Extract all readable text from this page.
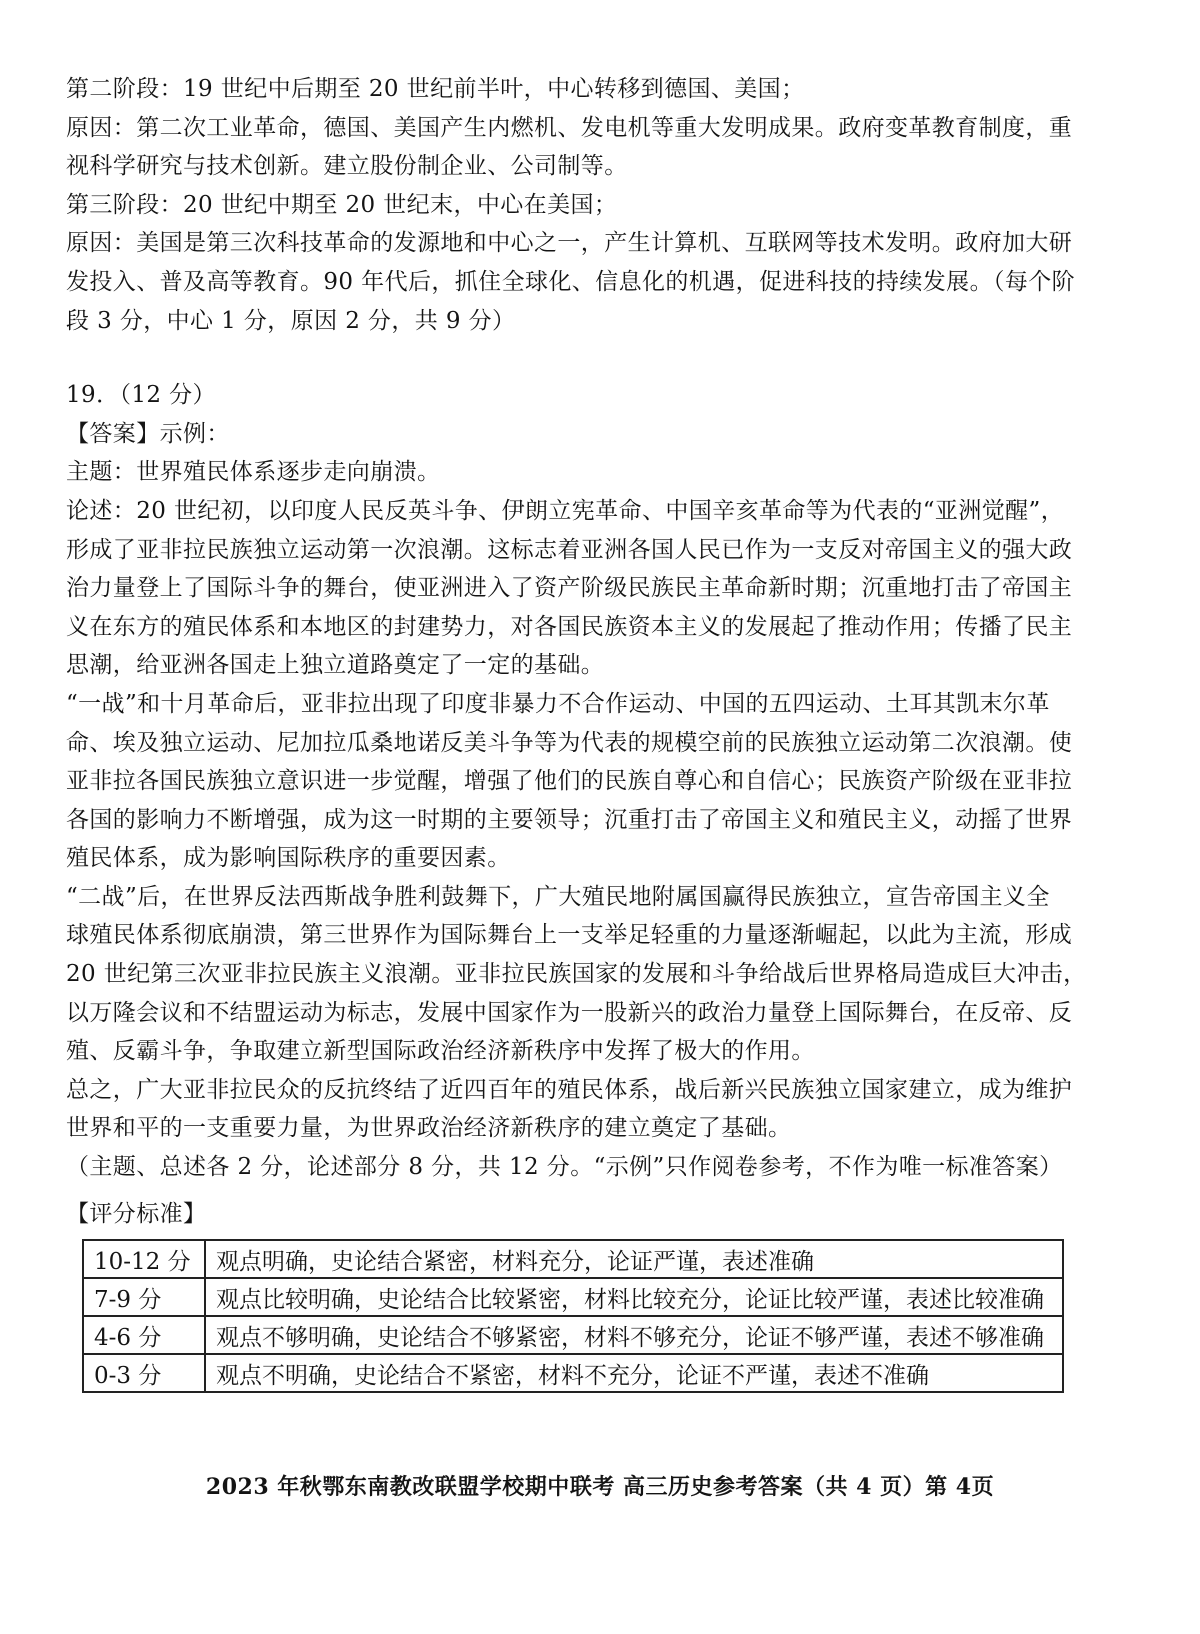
第二阶段：19 世纪中后期至 20 世纪前半叶，中心转移到德国、美国；
原因：第二次工业革命，德国、美国产生内燃机、发电机等重大发明成果。政府变革教育制度，重
视科学研究与技术创新。建立股份制企业、公司制等。
第三阶段：20 世纪中期至 20 世纪末，中心在美国；
原因：美国是第三次科技革命的发源地和中心之一，产生计算机、互联网等技术发明。政府加大研
发投入、普及高等教育。90 年代后，抓住全球化、信息化的机遇，促进科技的持续发展。（每个阶
段 3 分，中心 1 分，原因 2 分，共 9 分）
19．（12 分）
【答案】示例：
主题：世界殖民体系逐步走向崩溃。
论述：20 世纪初，以印度人民反英斗争、伊朗立宪革命、中国辛亥革命等为代表的“亚洲觉醒”，
形成了亚非拉民族独立运动第一次浪潮。这标志着亚洲各国人民已作为一支反对帝国主义的强大政
治力量登上了国际斗争的舞台，使亚洲进入了资产阶级民族民主革命新时期；沉重地打击了帝国主
义在东方的殖民体系和本地区的封建势力，对各国民族资本主义的发展起了推动作用；传播了民主
思潮，给亚洲各国走上独立道路奠定了一定的基础。
“一战”和十月革命后，亚非拉出现了印度非暴力不合作运动、中国的五四运动、土耳其凯末尔革
命、埃及独立运动、尼加拉瓜桑地诺反美斗争等为代表的规模空前的民族独立运动第二次浪潮。使
亚非拉各国民族独立意识进一步觉醒，增强了他们的民族自尊心和自信心；民族资产阶级在亚非拉
各国的影响力不断增强，成为这一时期的主要领导；沉重打击了帝国主义和殖民主义，动摇了世界
殖民体系，成为影响国际秩序的重要因素。
“二战”后，在世界反法西斯战争胜利鼓舞下，广大殖民地附属国赢得民族独立，宣告帝国主义全
球殖民体系彻底崩溃，第三世界作为国际舞台上一支举足轻重的力量逐渐崛起，以此为主流，形成
20 世纪第三次亚非拉民族主义浪潮。亚非拉民族国家的发展和斗争给战后世界格局造成巨大冲击，
以万隆会议和不结盟运动为标志，发展中国家作为一股新兴的政治力量登上国际舞台，在反帝、反
殖、反霸斗争，争取建立新型国际政治经济新秩序中发挥了极大的作用。
总之，广大亚非拉民众的反抗终结了近四百年的殖民体系，战后新兴民族独立国家建立，成为维护
世界和平的一支重要力量，为世界政治经济新秩序的建立奠定了基础。
（主题、总述各 2 分，论述部分 8 分，共 12 分。“示例”只作阅卷参考，不作为唯一标准答案）
【评分标准】
10-12 分	观点明确，史论结合紧密，材料充分，论证严谨，表述准确
7-9 分	观点比较明确，史论结合比较紧密，材料比较充分，论证比较严谨，表述比较准确
4-6 分	观点不够明确，史论结合不够紧密，材料不够充分，论证不够严谨，表述不够准确
0-3 分	观点不明确，史论结合不紧密，材料不充分，论证不严谨，表述不准确
2023 年秋鄂东南教改联盟学校期中联考 高三历史参考答案（共 4 页）第 4页
